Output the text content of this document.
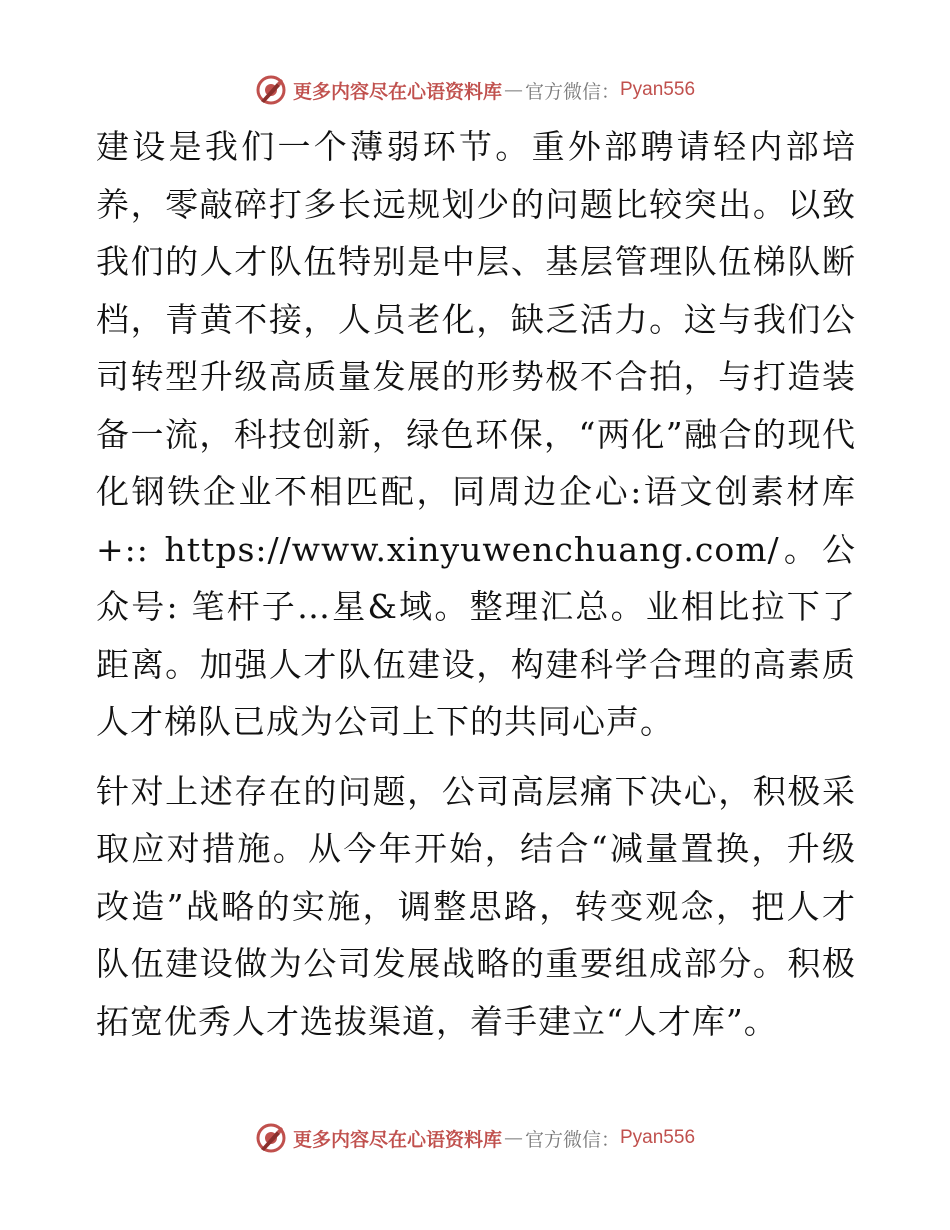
更多内容尽在心语资料库 — 官方微信： Pyan556

建设是我们一个薄弱环节。重外部聘请轻内部培养，零敲碎打多长远规划少的问题比较突出。以致我们的人才队伍特别是中层、基层管理队伍梯队断档，青黄不接，人员老化，缺乏活力。这与我们公司转型升级高质量发展的形势极不合拍，与打造装备一流，科技创新，绿色环保，“两化”融合的现代化钢铁企业不相匹配，同周边企心:语文创素材库+:: https://www.xinyuwenchuang.com/。公众号: 笔杆子…星&域。整理汇总。业相比拉下了距离。加强人才队伍建设，构建科学合理的高素质人才梯队已成为公司上下的共同心声。

针对上述存在的问题，公司高层痛下决心，积极采取应对措施。从今年开始，结合“减量置换，升级改造”战略的实施，调整思路，转变观念，把人才队伍建设做为公司发展战略的重要组成部分。积极拓宽优秀人才选拔渠道，着手建立“人才库”。

更多内容尽在心语资料库 — 官方微信： Pyan556
